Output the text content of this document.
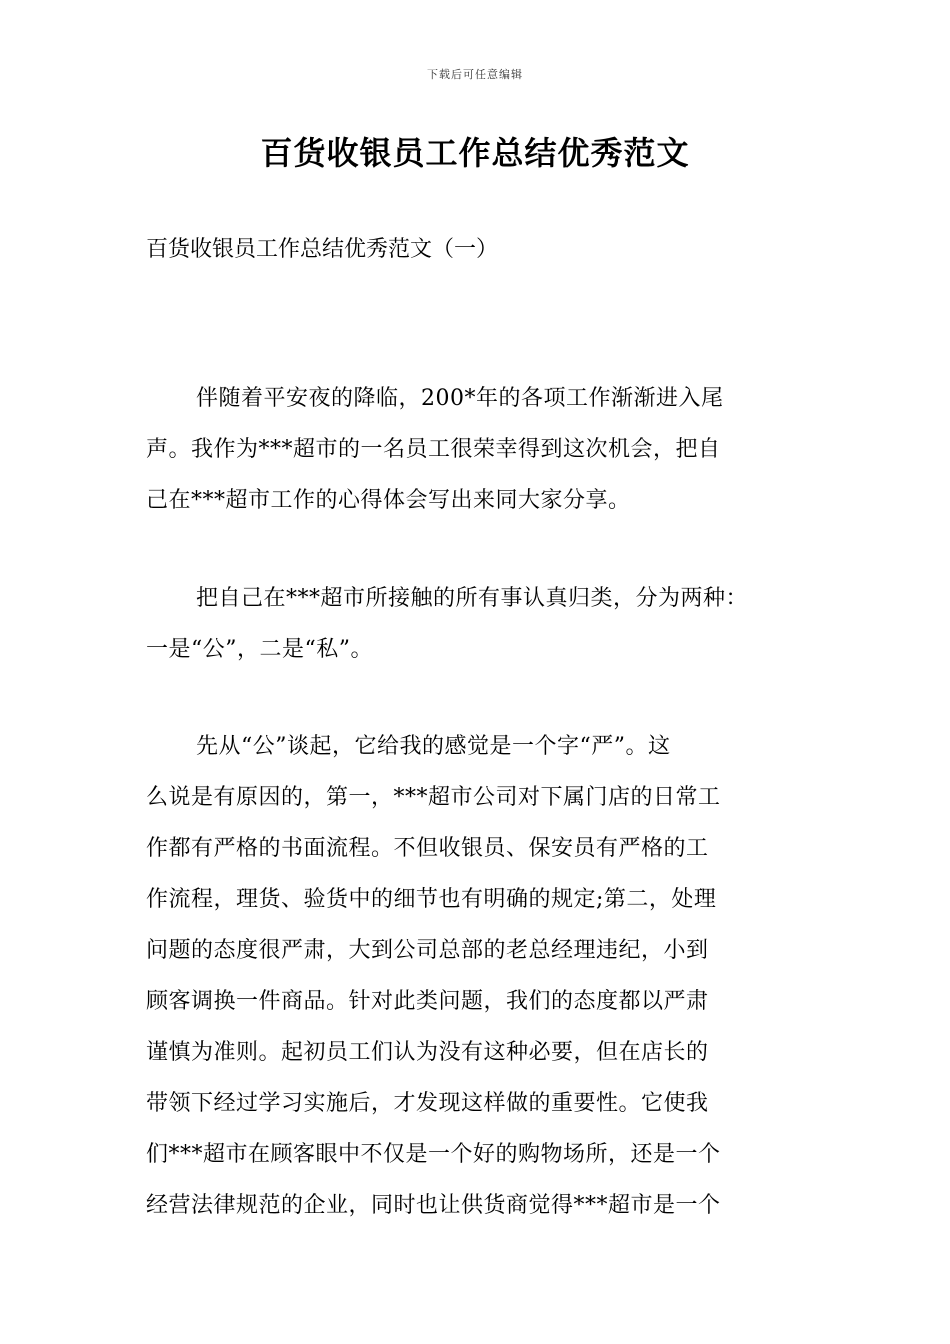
下载后可任意编辑
百货收银员工作总结优秀范文

百货收银员工作总结优秀范文（一）

伴随着平安夜的降临，200*年的各项工作渐渐进入尾
声。我作为***超市的一名员工很荣幸得到这次机会，把自
己在***超市工作的心得体会写出来同大家分享。

把自己在***超市所接触的所有事认真归类，分为两种：
一是“公”，二是“私”。

先从“公”谈起，它给我的感觉是一个字“严”。这
么说是有原因的，第一，***超市公司对下属门店的日常工
作都有严格的书面流程。不但收银员、保安员有严格的工
作流程，理货、验货中的细节也有明确的规定;第二，处理
问题的态度很严肃，大到公司总部的老总经理违纪，小到
顾客调换一件商品。针对此类问题，我们的态度都以严肃
谨慎为准则。起初员工们认为没有这种必要，但在店长的
带领下经过学习实施后，才发现这样做的重要性。它使我
们***超市在顾客眼中不仅是一个好的购物场所，还是一个
经营法律规范的企业，同时也让供货商觉得***超市是一个
